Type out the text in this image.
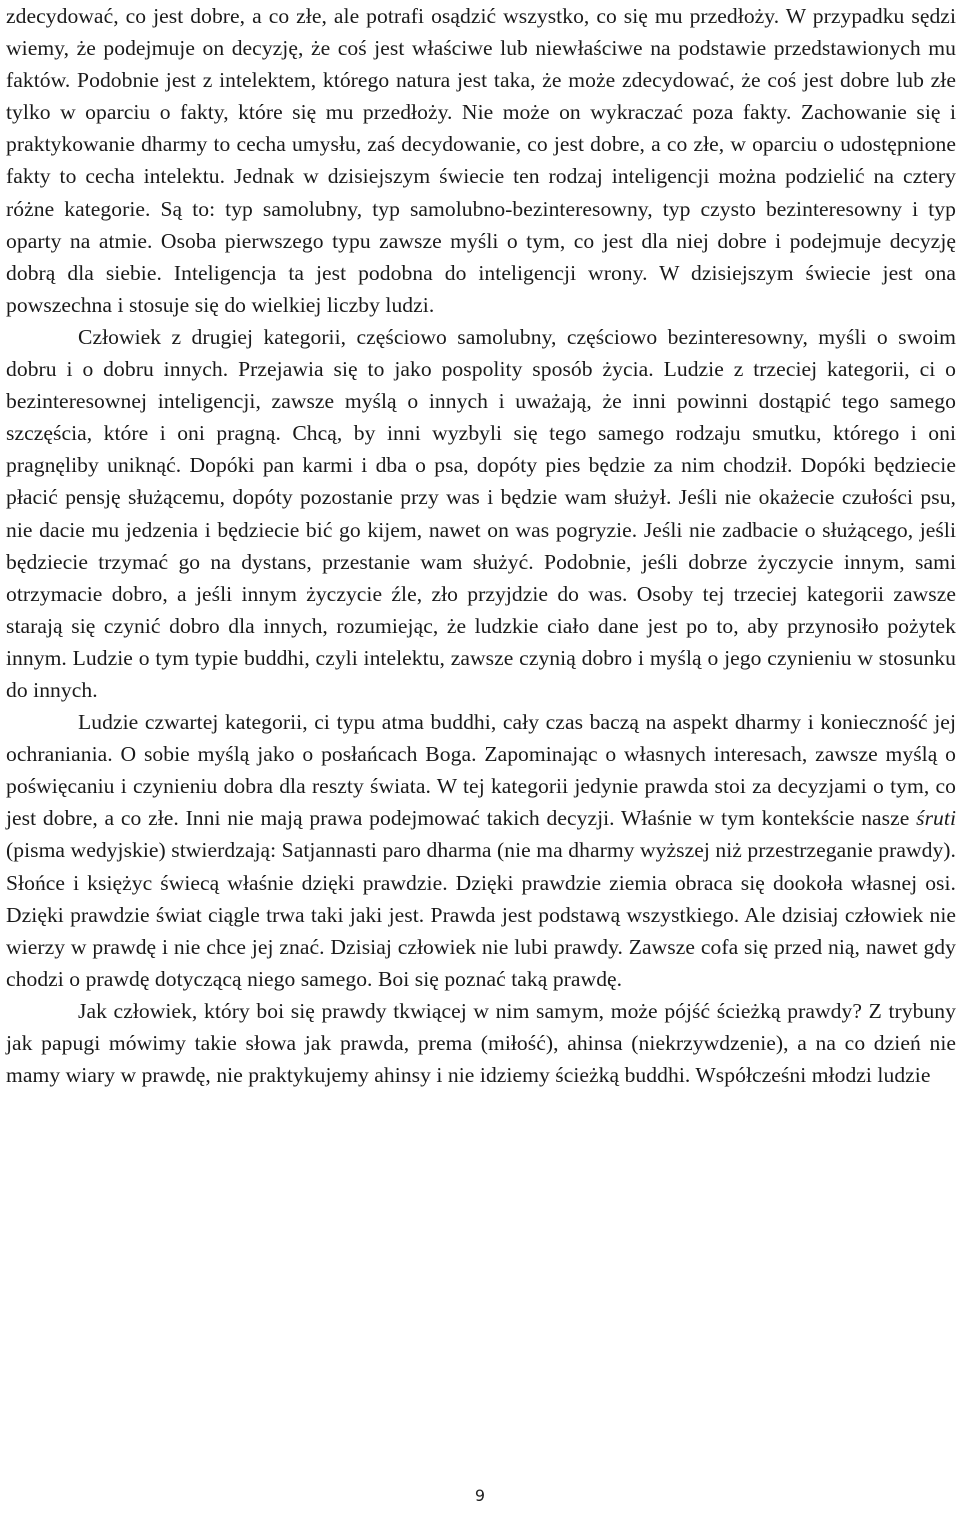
zdecydować, co jest dobre, a co złe, ale potrafi osądzić wszystko, co się mu przedłoży. W przypadku sędzi wiemy, że podejmuje on decyzję, że coś jest właściwe lub niewłaściwe na podstawie przedstawionych mu faktów. Podobnie jest z intelektem, którego natura jest taka, że może zdecydować, że coś jest dobre lub złe tylko w oparciu o fakty, które się mu przedłoży. Nie może on wykraczać poza fakty. Zachowanie się i praktykowanie dharmy to cecha umysłu, zaś decydowanie, co jest dobre, a co złe, w oparciu o udostępnione fakty to cecha intelektu. Jednak w dzisiejszym świecie ten rodzaj inteligencji można podzielić na cztery różne kategorie. Są to: typ samolubny, typ samolubno-bezinteresowny, typ czysto bezinteresowny i typ oparty na atmie. Osoba pierwszego typu zawsze myśli o tym, co jest dla niej dobre i podejmuje decyzję dobrą dla siebie. Inteligencja ta jest podobna do inteligencji wrony. W dzisiejszym świecie jest ona powszechna i stosuje się do wielkiej liczby ludzi.

Człowiek z drugiej kategorii, częściowo samolubny, częściowo bezinteresowny, myśli o swoim dobru i o dobru innych. Przejawia się to jako pospolity sposób życia. Ludzie z trzeciej kategorii, ci o bezinteresownej inteligencji, zawsze myślą o innych i uważają, że inni powinni dostąpić tego samego szczęścia, które i oni pragną. Chcą, by inni wyzbyli się tego samego rodzaju smutku, którego i oni pragnęliby uniknąć. Dopóki pan karmi i dba o psa, dopóty pies będzie za nim chodził. Dopóki będziecie płacić pensję służącemu, dopóty pozostanie przy was i będzie wam służył. Jeśli nie okażecie czułości psu, nie dacie mu jedzenia i będziecie bić go kijem, nawet on was pogryzie. Jeśli nie zadbacie o służącego, jeśli będziecie trzymać go na dystans, przestanie wam służyć. Podobnie, jeśli dobrze życzycie innym, sami otrzymacie dobro, a jeśli innym życzycie źle, zło przyjdzie do was. Osoby tej trzeciej kategorii zawsze starają się czynić dobro dla innych, rozumiejąc, że ludzkie ciało dane jest po to, aby przynosiło pożytek innym. Ludzie o tym typie buddhi, czyli intelektu, zawsze czynią dobro i myślą o jego czynieniu w stosunku do innych.

Ludzie czwartej kategorii, ci typu atma buddhi, cały czas baczą na aspekt dharmy i konieczność jej ochraniania. O sobie myślą jako o posłańcach Boga. Zapominając o własnych interesach, zawsze myślą o poświęcaniu i czynieniu dobra dla reszty świata. W tej kategorii jedynie prawda stoi za decyzjami o tym, co jest dobre, a co złe. Inni nie mają prawa podejmować takich decyzji. Właśnie w tym kontekście nasze śruti (pisma wedyjskie) stwierdzają: Satjannasti paro dharma (nie ma dharmy wyższej niż przestrzeganie prawdy). Słońce i księżyc świecą właśnie dzięki prawdzie. Dzięki prawdzie ziemia obraca się dookoła własnej osi. Dzięki prawdzie świat ciągle trwa taki jaki jest. Prawda jest podstawą wszystkiego. Ale dzisiaj człowiek nie wierzy w prawdę i nie chce jej znać. Dzisiaj człowiek nie lubi prawdy. Zawsze cofa się przed nią, nawet gdy chodzi o prawdę dotyczącą niego samego. Boi się poznać taką prawdę.

Jak człowiek, który boi się prawdy tkwiącej w nim samym, może pójść ścieżką prawdy? Z trybuny jak papugi mówimy takie słowa jak prawda, prema (miłość), ahinsa (niekrzywdzenie), a na co dzień nie mamy wiary w prawdę, nie praktykujemy ahinsy i nie idziemy ścieżką buddhi. Współcześni młodzi ludzie

9
